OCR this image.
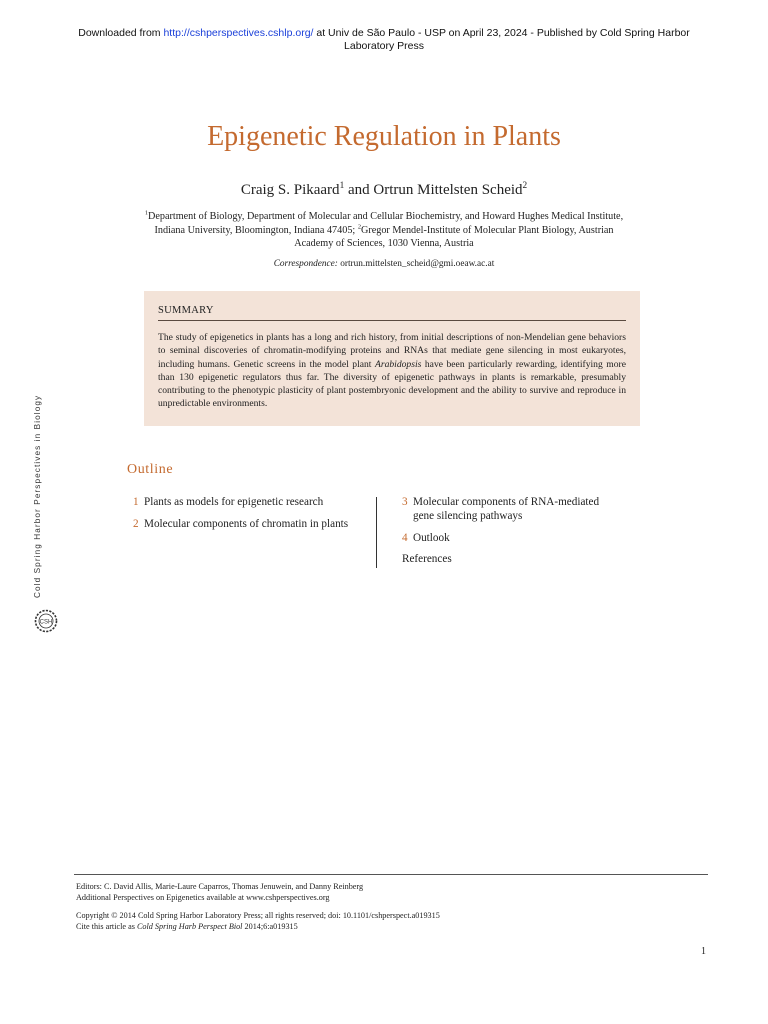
Downloaded from http://cshperspectives.cshlp.org/ at Univ de São Paulo - USP on April 23, 2024 - Published by Cold Spring Harbor
Laboratory Press
Epigenetic Regulation in Plants
Craig S. Pikaard$^1$ and Ortrun Mittelsten Scheid$^2$
$^1$Department of Biology, Department of Molecular and Cellular Biochemistry, and Howard Hughes Medical Institute, Indiana University, Bloomington, Indiana 47405; $^2$Gregor Mendel-Institute of Molecular Plant Biology, Austrian Academy of Sciences, 1030 Vienna, Austria
Correspondence: ortrun.mittelsten_scheid@gmi.oeaw.ac.at
SUMMARY
The study of epigenetics in plants has a long and rich history, from initial descriptions of non-Mendelian gene behaviors to seminal discoveries of chromatin-modifying proteins and RNAs that mediate gene silencing in most eukaryotes, including humans. Genetic screens in the model plant Arabidopsis have been particularly rewarding, identifying more than 130 epigenetic regulators thus far. The diversity of epigenetic pathways in plants is remarkable, presumably contributing to the phenotypic plasticity of plant postembryonic development and the ability to survive and reproduce in unpredictable environments.
Cold Spring Harbor Perspectives in Biology
CSH
Outline
1 Plants as models for epigenetic research
2 Molecular components of chromatin in plants
3 Molecular components of RNA-mediated gene silencing pathways
4 Outlook
References
Editors: C. David Allis, Marie-Laure Caparros, Thomas Jenuwein, and Danny Reinberg
Additional Perspectives on Epigenetics available at www.cshperspectives.org
Copyright © 2014 Cold Spring Harbor Laboratory Press; all rights reserved; doi: 10.1101/cshperspect.a019315
Cite this article as Cold Spring Harb Perspect Biol 2014;6:a019315
1
